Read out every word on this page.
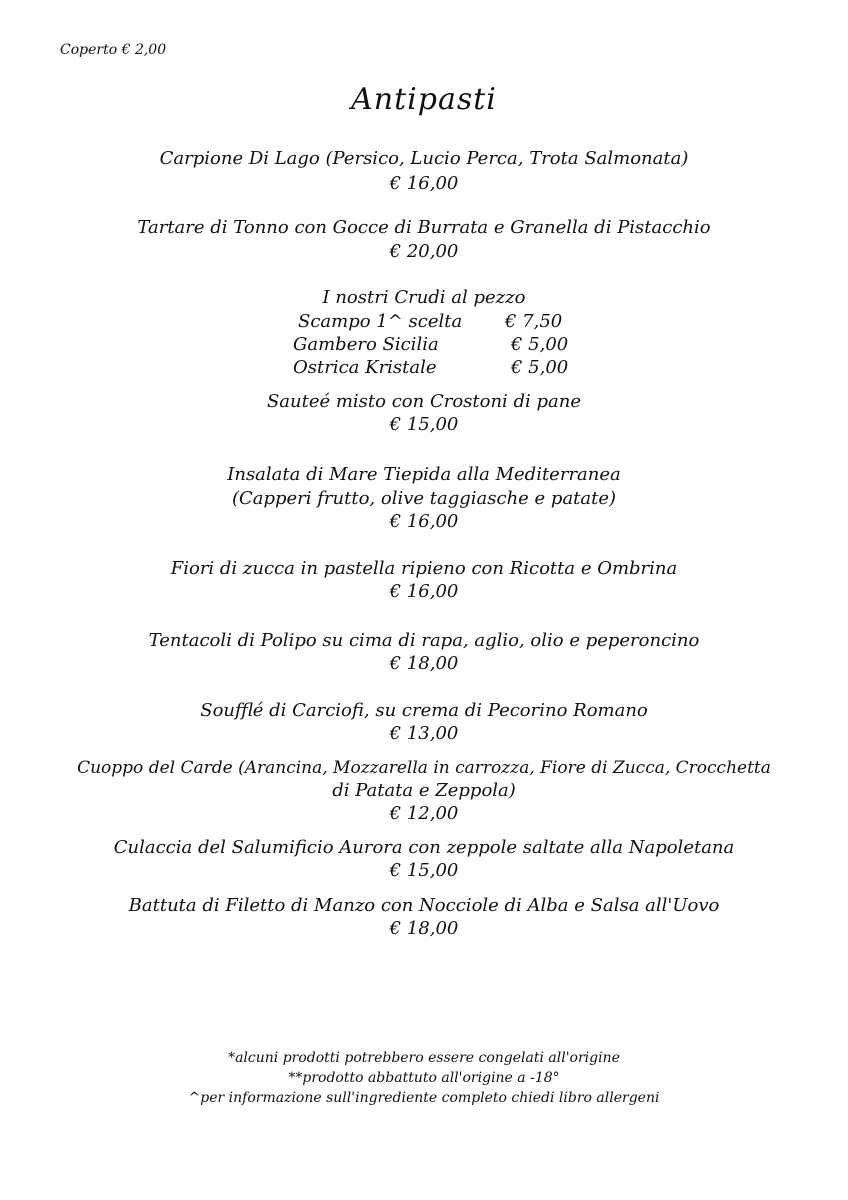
Coperto € 2,00
Antipasti
Carpione Di Lago (Persico, Lucio Perca, Trota Salmonata)
€ 16,00
Tartare di Tonno con Gocce di Burrata e Granella di Pistacchio
€ 20,00
I nostri Crudi al pezzo
Scampo 1^ scelta € 7,50
Gambero Sicilia	€ 5,00
Ostrica Kristale	€ 5,00
Sauteé misto con Crostoni di pane
€ 15,00
Insalata di Mare Tiepida alla Mediterranea
(Capperi frutto, olive taggiasche e patate)
€ 16,00
Fiori di zucca in pastella ripieno con Ricotta e Ombrina
€ 16,00
Tentacoli di Polipo su cima di rapa, aglio, olio e peperoncino
€ 18,00
Soufflé di Carciofi, su crema di Pecorino Romano
€ 13,00
Cuoppo del Carde (Arancina, Mozzarella in carrozza, Fiore di Zucca, Crocchetta
di Patata e Zeppola)
€ 12,00
Culaccia del Salumificio Aurora con zeppole saltate alla Napoletana
€ 15,00
Battuta di Filetto di Manzo con Nocciole di Alba e Salsa all'Uovo
€ 18,00
*alcuni prodotti potrebbero essere congelati all'origine
**prodotto abbattuto all'origine a -18°
^per informazione sull'ingrediente completo chiedi libro allergeni
